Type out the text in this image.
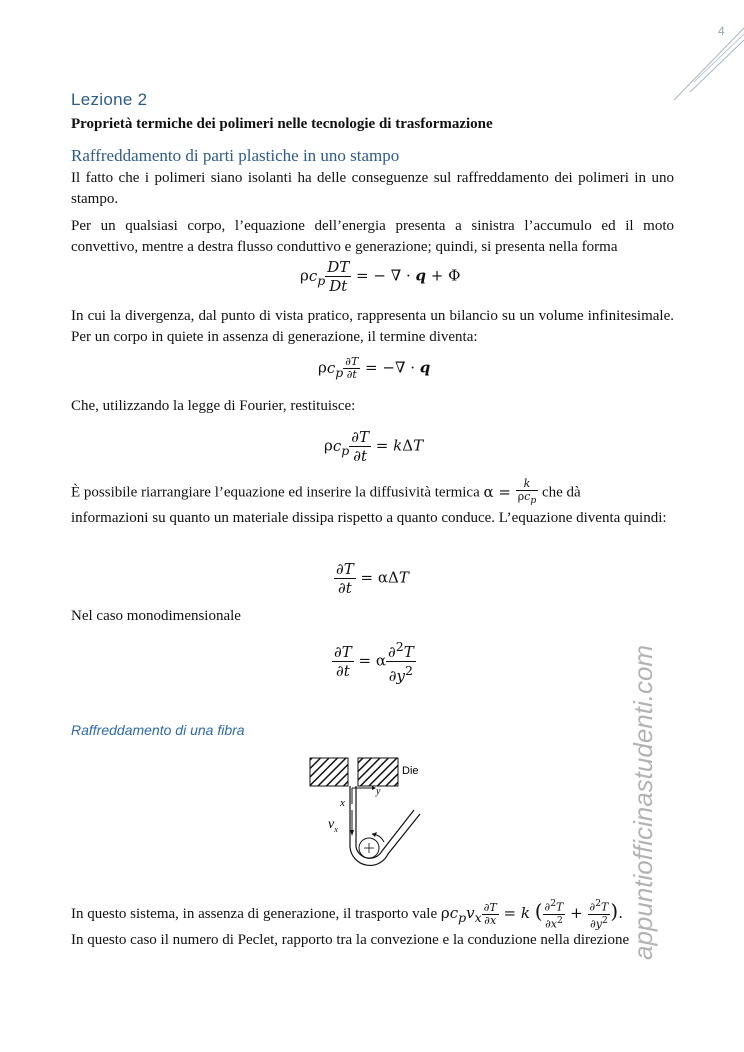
4
Lezione 2
Proprietà termiche dei polimeri nelle tecnologie di trasformazione
Raffreddamento di parti plastiche in uno stampo
Il fatto che i polimeri siano isolanti ha delle conseguenze sul raffreddamento dei polimeri in uno stampo.
Per un qualsiasi corpo, l’equazione dell’energia presenta a sinistra l’accumulo ed il moto convettivo, mentre a destra flusso conduttivo e generazione; quindi, si presenta nella forma
$\rho c_p \frac{DT}{Dt}$ = − ∇ · q + Φ
In cui la divergenza, dal punto di vista pratico, rappresenta un bilancio su un volume infinitesimale. Per un corpo in quiete in assenza di generazione, il termine diventa:
$\rho c_p \frac{\partial T}{\partial t}$ = −∇ · q
Che, utilizzando la legge di Fourier, restituisce:
$\rho c_p \frac{\partial T}{\partial t} = k\Delta T$
È possibile riarrangiare l’equazione ed inserire la diffusività termica $\alpha = \frac{k}{\rho c_p}$ che dà
informazioni su quanto un materiale dissipa rispetto a quanto conduce. L’equazione diventa quindi:
$\frac{\partial T}{\partial t} = \alpha\Delta T$
Nel caso monodimensionale
$\frac{\partial T}{\partial t} = \alpha \frac{\partial^2T}{\partial y^2}$
Raffreddamento di una fibra
Die
x
y
$v_x$
In questo sistema, in assenza di generazione, il trasporto vale $\rho c_pv_x \frac{\partial T}{\partial x} = k$ ( $\frac{\partial^2T}{\partial x^2} + \frac{\partial^2T}{\partial y^2}$ ).
In questo caso il numero di Peclet, rapporto tra la convezione e la conduzione nella direzione
appuntiofficinastudenti.com
